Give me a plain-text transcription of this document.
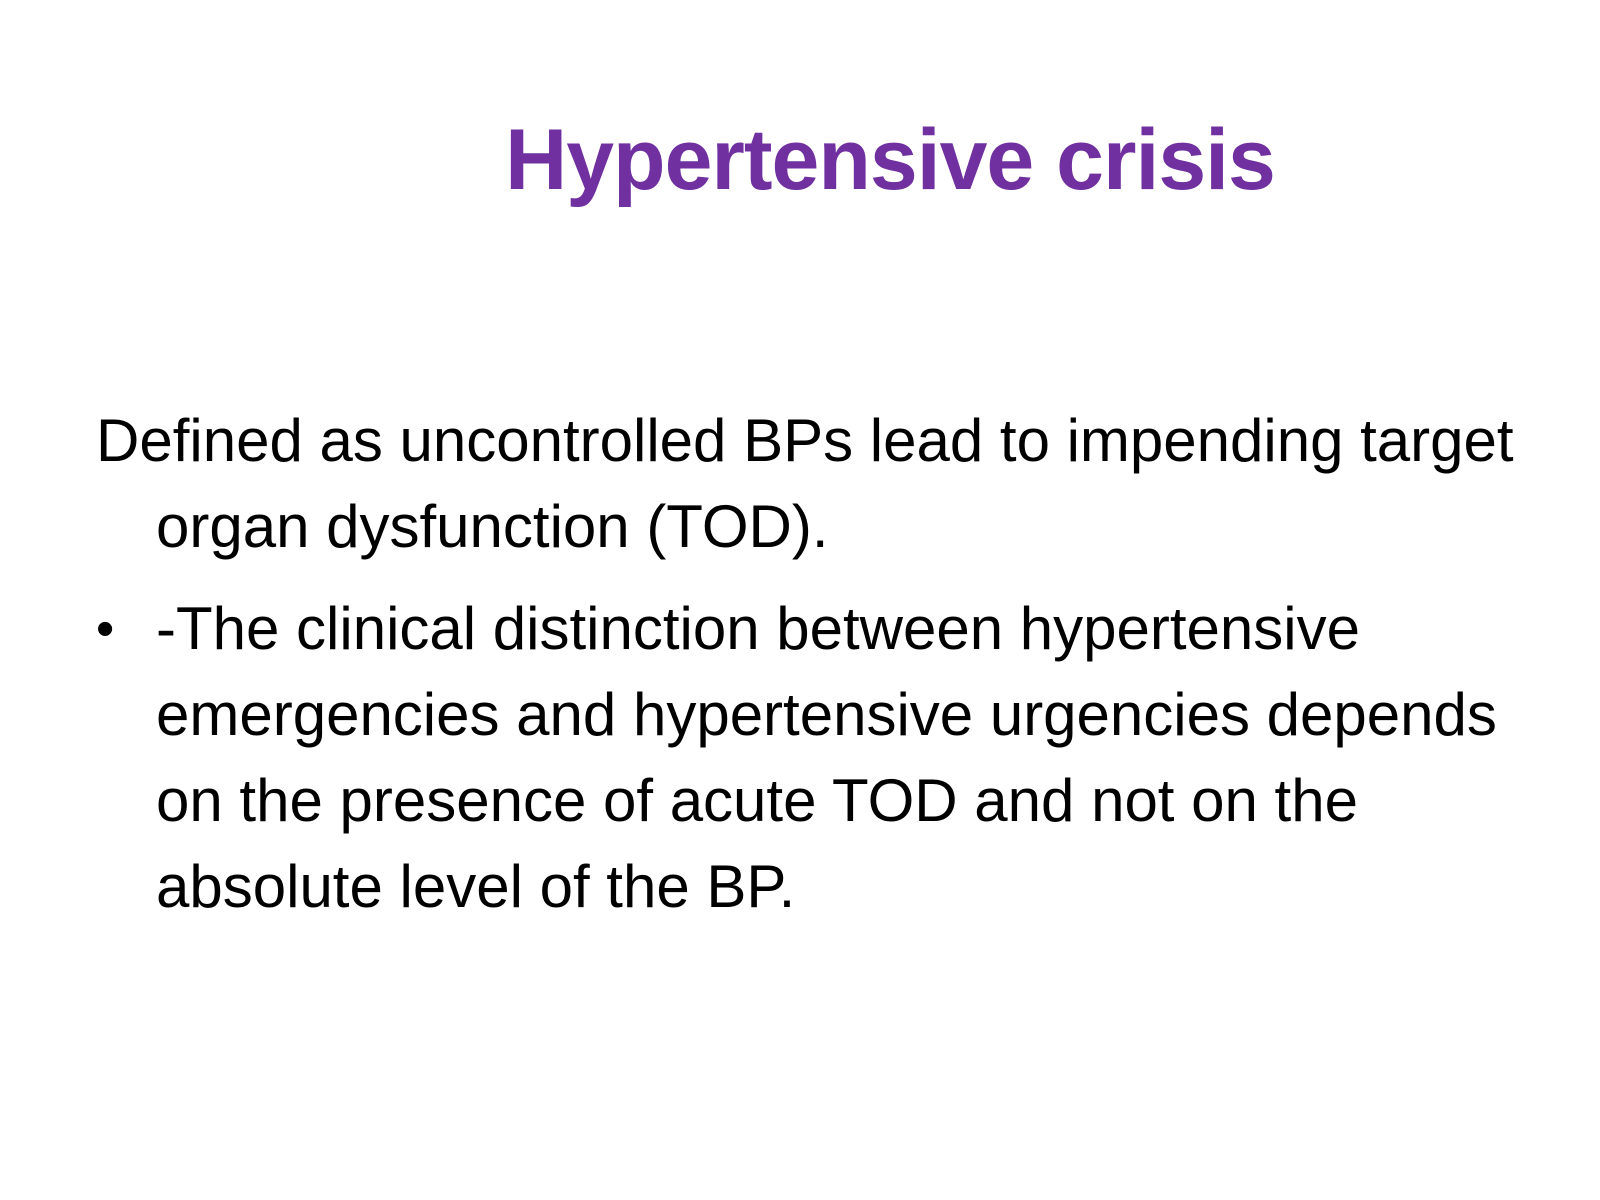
Hypertensive crisis

Defined as uncontrolled BPs lead to impending target organ dysfunction (TOD).

• -The clinical distinction between hypertensive emergencies and hypertensive urgencies depends on the presence of acute TOD and not on the absolute level of the BP.
